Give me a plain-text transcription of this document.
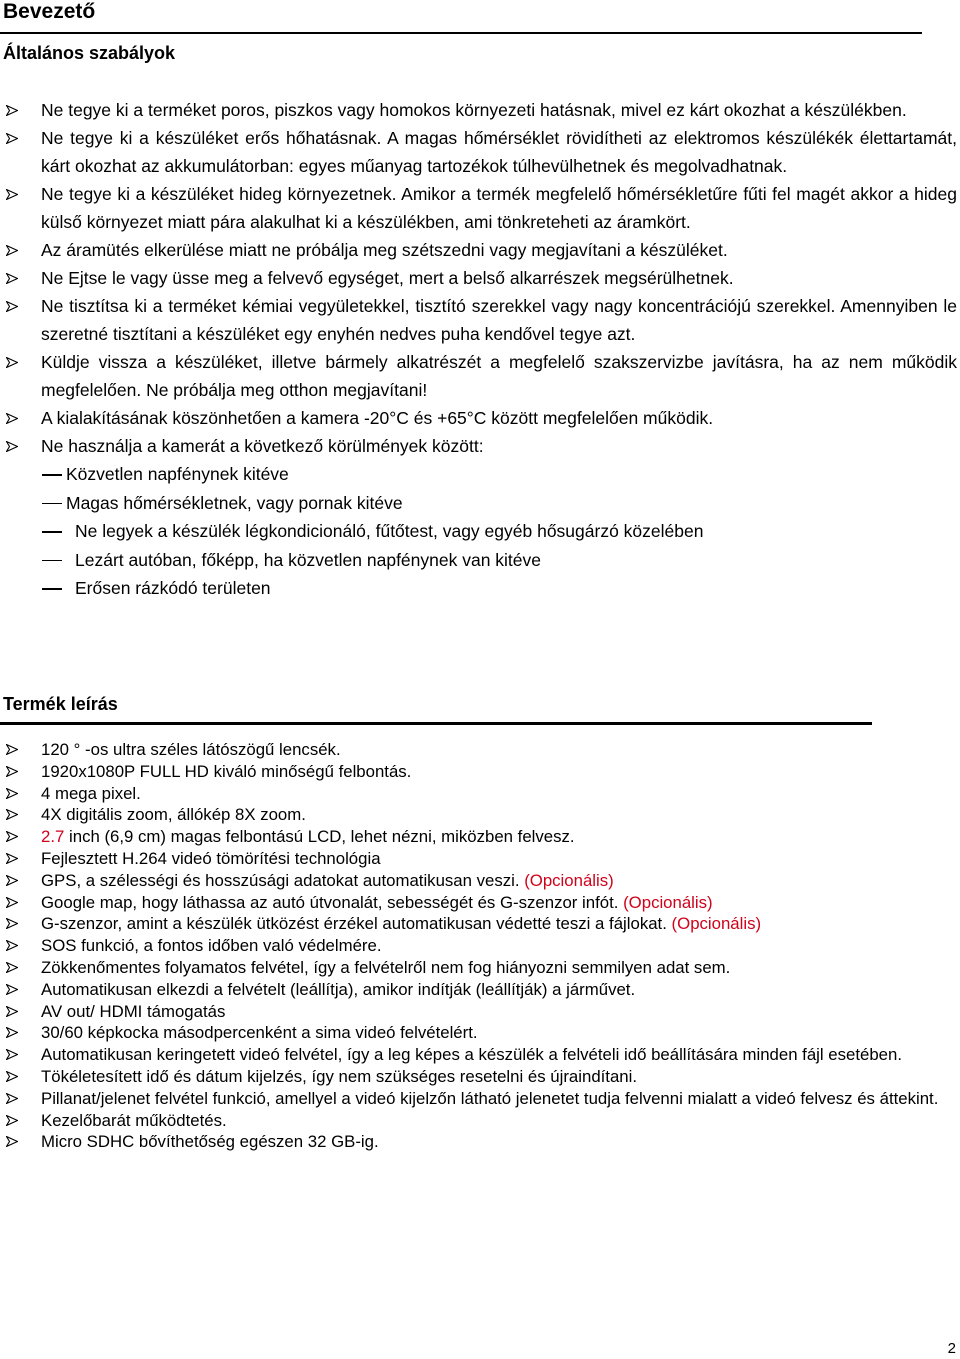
Bevezető
Általános szabályok
Ne tegye ki a terméket poros, piszkos vagy homokos környezeti hatásnak, mivel ez kárt okozhat a készülékben.
Ne tegye ki a készüléket erős hőhatásnak. A magas hőmérséklet rövidítheti az elektromos készülékék élettartamát, kárt okozhat az akkumulátorban: egyes műanyag tartozékok túlhevülhetnek és megolvadhatnak.
Ne tegye ki a készüléket hideg környezetnek. Amikor a termék megfelelő hőmérsékletűre fűti fel magét akkor a hideg külső környezet miatt pára alakulhat ki a készülékben, ami tönkreteheti az áramkört.
Az áramütés elkerülése miatt ne próbálja meg szétszedni vagy megjavítani a készüléket.
Ne Ejtse le vagy üsse meg a felvevő egységet, mert a belső alkarrészek megsérülhetnek.
Ne tisztítsa ki a terméket kémiai vegyületekkel, tisztító szerekkel vagy nagy koncentrációjú szerekkel. Amennyiben le szeretné tisztítani a készüléket egy enyhén nedves puha kendővel tegye azt.
Küldje vissza a készüléket, illetve bármely alkatrészét a megfelelő szakszervizbe javításra, ha az nem működik megfelelően. Ne próbálja meg otthon megjavítani!
A kialakításának köszönhetően a kamera -20°C és +65°C között megfelelően működik.
Ne használja a kamerát a következő körülmények között:
Közvetlen napfénynek kitéve
Magas hőmérsékletnek, vagy pornak kitéve
Ne legyek a készülék légkondicionáló, fűtőtest, vagy egyéb hősugárzó közelében
Lezárt autóban, főképp, ha közvetlen napfénynek van kitéve
Erősen rázkódó területen
Termék leírás
120 ° -os ultra széles látószögű lencsék.
1920x1080P FULL HD kiváló minőségű felbontás.
4 mega pixel.
4X digitális zoom, állókép 8X zoom.
2.7 inch (6,9 cm) magas felbontású LCD, lehet nézni, miközben felvesz.
Fejlesztett H.264 videó tömörítési technológia
GPS, a szélességi és hosszúsági adatokat automatikusan veszi. (Opcionális)
Google map, hogy láthassa az autó útvonalát, sebességét és G-szenzor infót. (Opcionális)
G-szenzor, amint a készülék ütközést érzékel automatikusan védetté teszi a fájlokat. (Opcionális)
SOS funkció, a fontos időben való védelmére.
Zökkenőmentes folyamatos felvétel, így a felvételről nem fog hiányozni semmilyen adat sem.
Automatikusan elkezdi a felvételt (leállítja), amikor indítják (leállítják) a járművet.
AV out/ HDMI támogatás
30/60 képkocka másodpercenként a sima videó felvételért.
Automatikusan keringetett videó felvétel, így a leg képes a készülék a felvételi idő beállítására minden fájl esetében.
Tökéletesített idő és dátum kijelzés, így nem szükséges resetelni és újraindítani.
Pillanat/jelenet felvétel funkció, amellyel a videó kijelzőn látható jelenetet tudja felvenni mialatt a videó felvesz és áttekint.
Kezelőbarát működtetés.
Micro SDHC bővíthetőség egészen 32 GB-ig.
2
